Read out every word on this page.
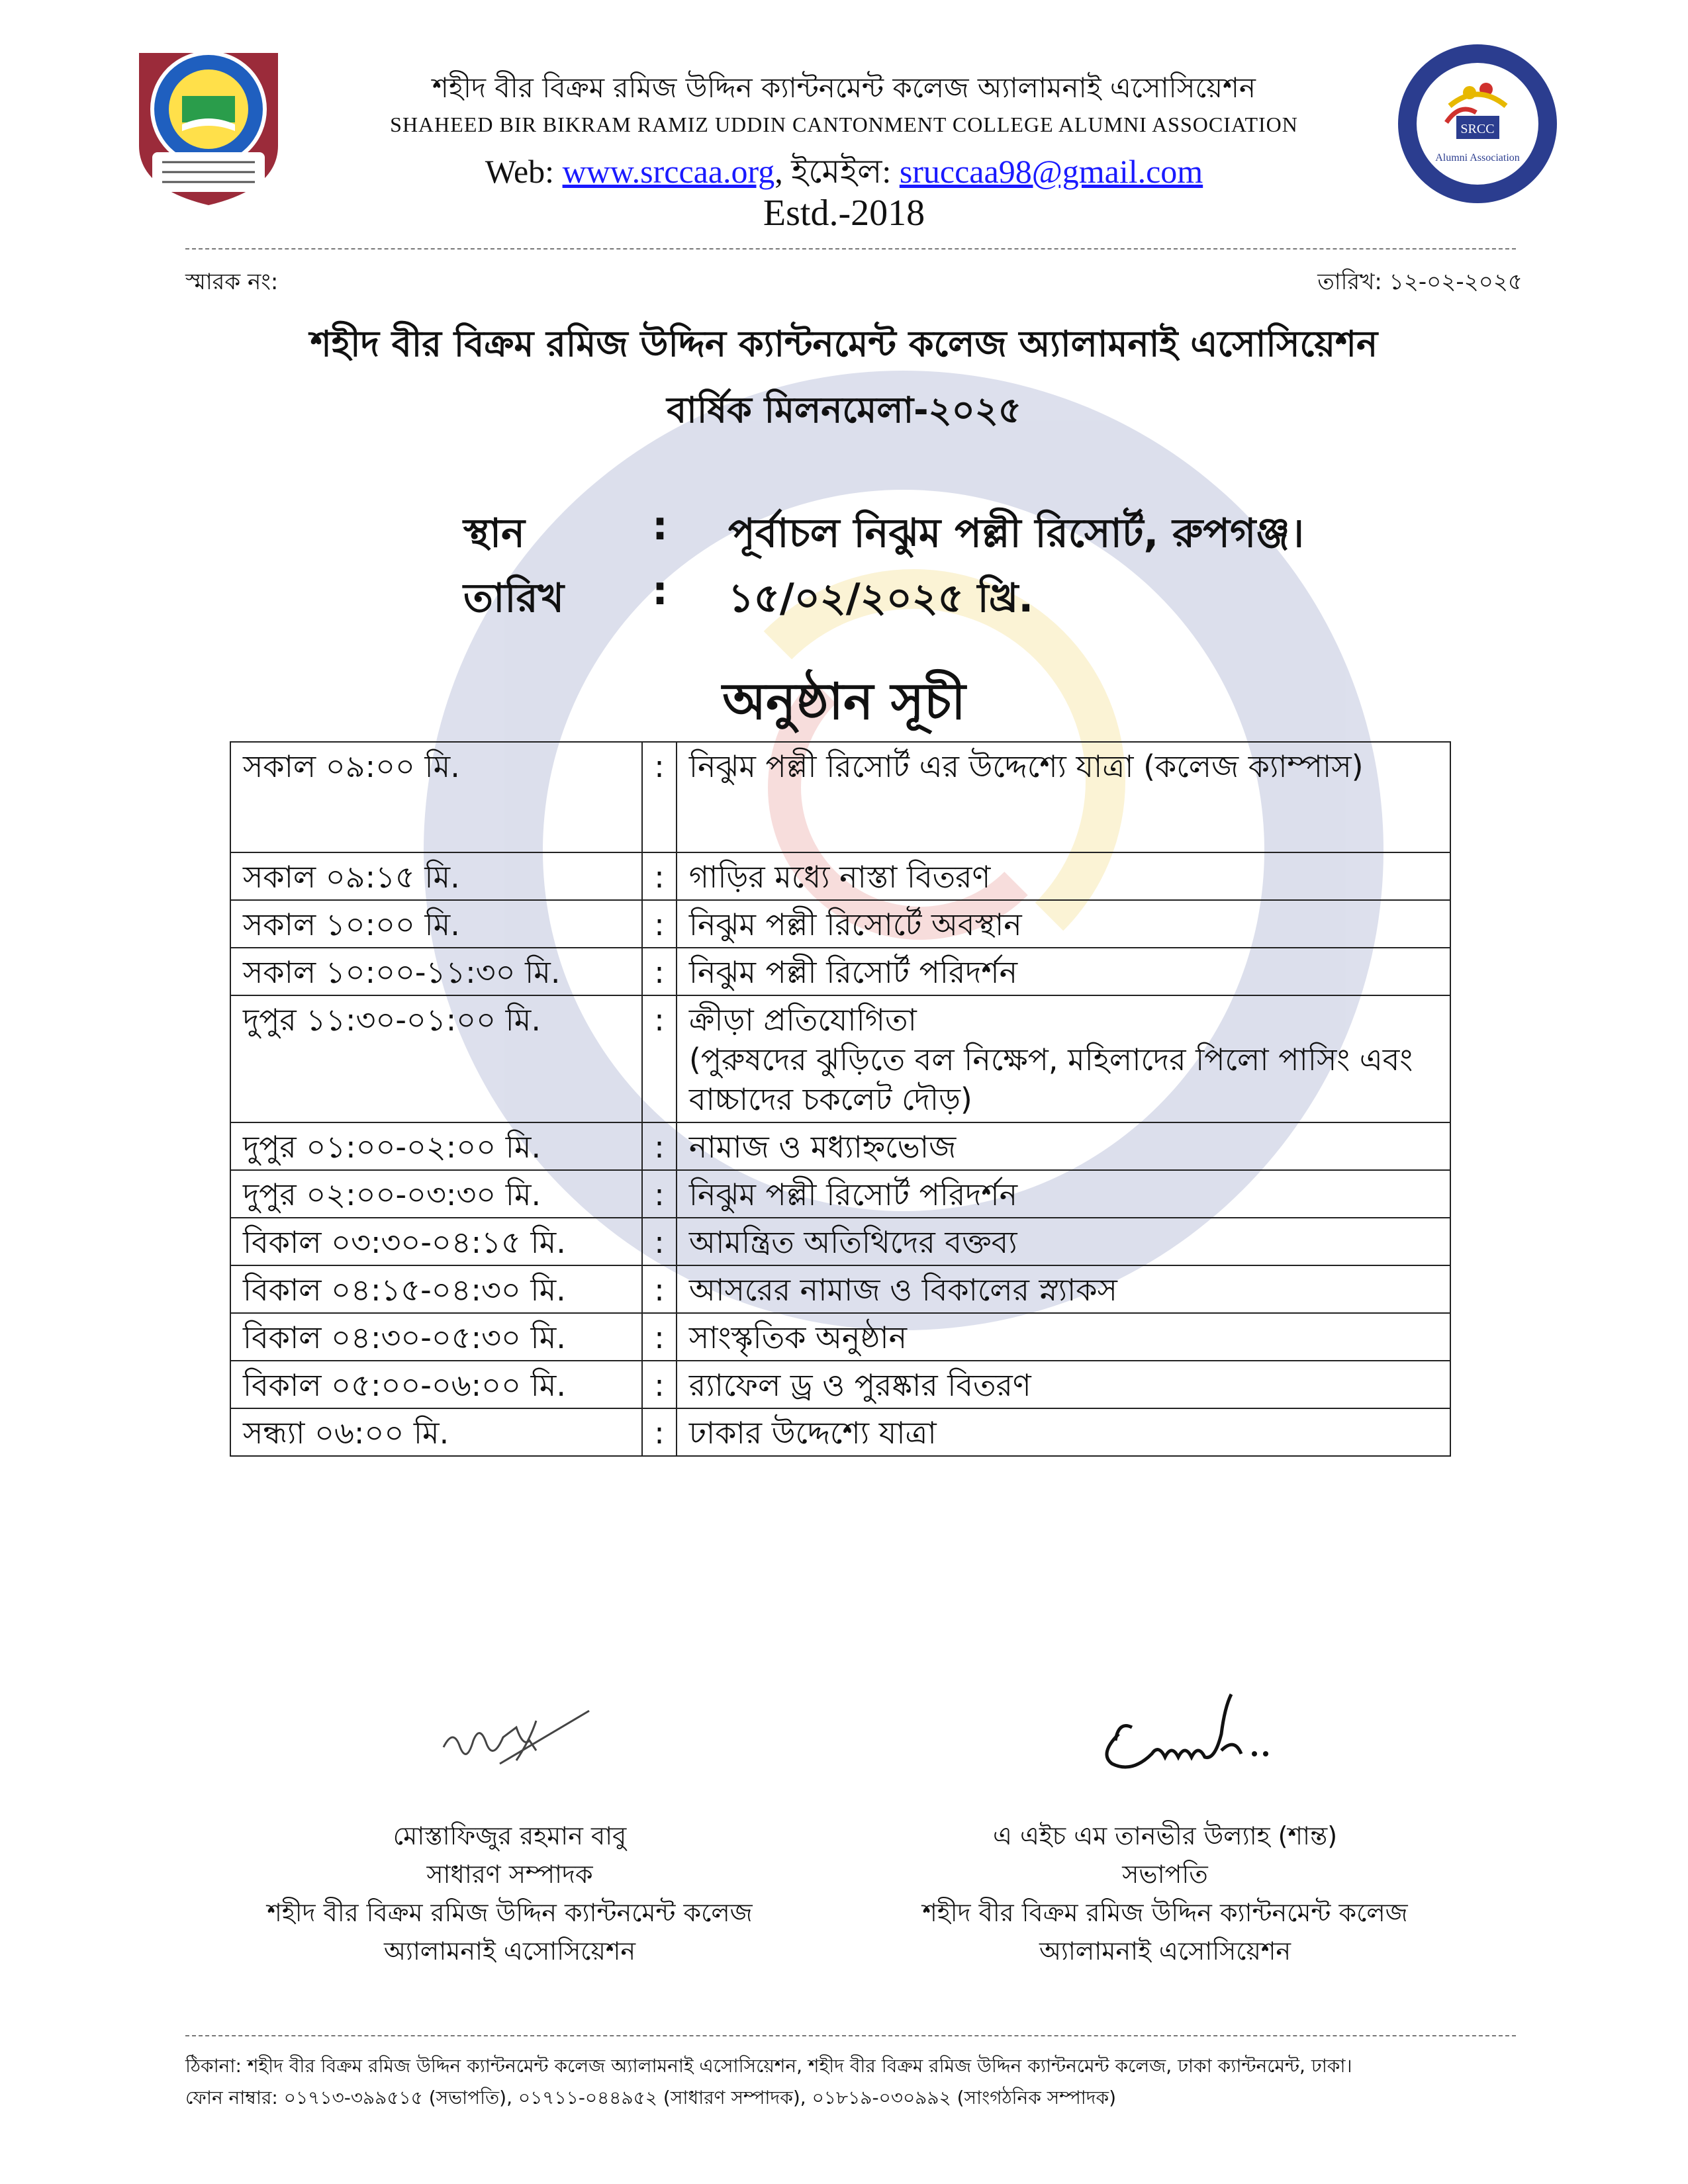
SRCC
Alumni Association
শহীদ বীর বিক্রম রমিজ উদ্দিন ক্যান্টনমেন্ট কলেজ অ্যালামনাই এসোসিয়েশন
SHAHEED BIR BIKRAM RAMIZ UDDIN CANTONMENT COLLEGE ALUMNI ASSOCIATION
Web: www.srccaa.org, ইমেইল: sruccaa98@gmail.com
Estd.-2018
স্মারক নং:	তারিখ: ১২-০২-২০২৫
শহীদ বীর বিক্রম রমিজ উদ্দিন ক্যান্টনমেন্ট কলেজ অ্যালামনাই এসোসিয়েশন
বার্ষিক মিলনমেলা-২০২৫
স্থান	: পূর্বাচল নিঝুম পল্লী রিসোর্ট, রুপগঞ্জ।
তারিখ	: ১৫/০২/২০২৫ খ্রি.
অনুষ্ঠান সূচী
সকাল ০৯:০০ মি.	:	নিঝুম পল্লী রিসোর্ট এর উদ্দেশ্যে যাত্রা (কলেজ ক্যাম্পাস)
সকাল ০৯:১৫ মি.	:	গাড়ির মধ্যে নাস্তা বিতরণ
সকাল ১০:০০ মি.	:	নিঝুম পল্লী রিসোর্টে অবস্থান
সকাল ১০:০০-১১:৩০ মি.	:	নিঝুম পল্লী রিসোর্ট পরিদর্শন
দুপুর ১১:৩০-০১:০০ মি.	:	ক্রীড়া প্রতিযোগিতা
(পুরুষদের ঝুড়িতে বল নিক্ষেপ, মহিলাদের পিলো পাসিং এবং বাচ্চাদের চকলেট দৌড়)

দুপুর ০১:০০-০২:০০ মি.	:	নামাজ ও মধ্যাহ্নভোজ
দুপুর ০২:০০-০৩:৩০ মি.	:	নিঝুম পল্লী রিসোর্ট পরিদর্শন
বিকাল ০৩:৩০-০৪:১৫ মি.	:	আমন্ত্রিত অতিথিদের বক্তব্য
বিকাল ০৪:১৫-০৪:৩০ মি.	:	আসরের নামাজ ও বিকালের স্ন্যাকস
বিকাল ০৪:৩০-০৫:৩০ মি.	:	সাংস্কৃতিক অনুষ্ঠান
বিকাল ০৫:০০-০৬:০০ মি.	:	র‍্যাফেল ড্র ও পুরষ্কার বিতরণ
সন্ধ্যা ০৬:০০ মি.	:	ঢাকার উদ্দেশ্যে যাত্রা
মোস্তাফিজুর রহমান বাবু
সাধারণ সম্পাদক
শহীদ বীর বিক্রম রমিজ উদ্দিন ক্যান্টনমেন্ট কলেজ
অ্যালামনাই এসোসিয়েশন
এ এইচ এম তানভীর উল্যাহ (শান্ত)
সভাপতি
শহীদ বীর বিক্রম রমিজ উদ্দিন ক্যান্টনমেন্ট কলেজ
অ্যালামনাই এসোসিয়েশন
ঠিকানা: শহীদ বীর বিক্রম রমিজ উদ্দিন ক্যান্টনমেন্ট কলেজ অ্যালামনাই এসোসিয়েশন, শহীদ বীর বিক্রম রমিজ উদ্দিন ক্যান্টনমেন্ট কলেজ, ঢাকা ক্যান্টনমেন্ট, ঢাকা।
ফোন নাম্বার: ০১৭১৩-৩৯৯৫১৫ (সভাপতি), ০১৭১১-০৪৪৯৫২ (সাধারণ সম্পাদক), ০১৮১৯-০৩০৯৯২ (সাংগঠনিক সম্পাদক)
